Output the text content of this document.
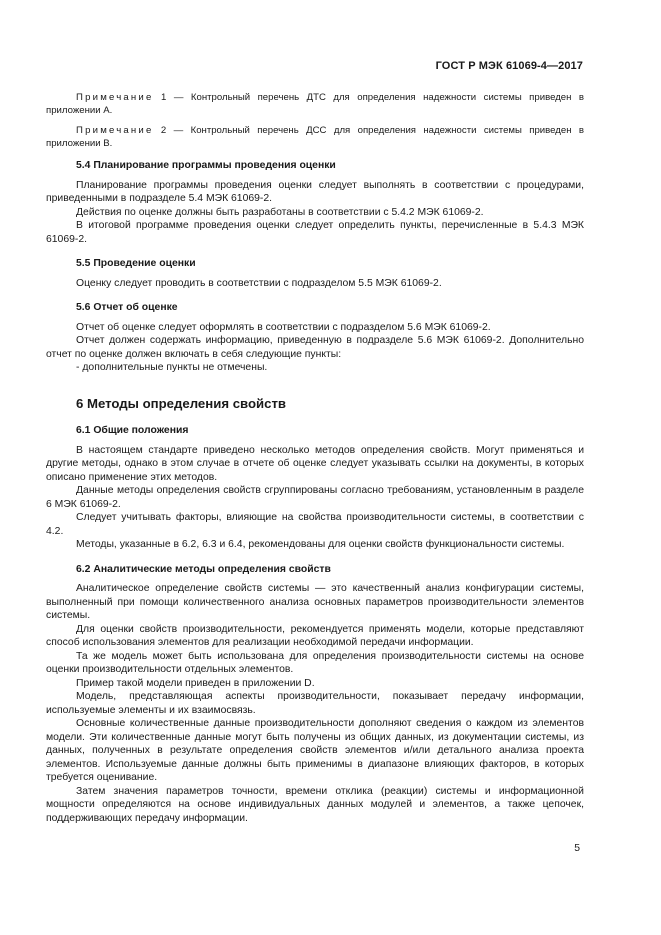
ГОСТ Р МЭК 61069-4—2017

Примечание 1 — Контрольный перечень ДТС для определения надежности системы приведен в приложении А.

Примечание 2 — Контрольный перечень ДСС для определения надежности системы приведен в приложении В.

5.4 Планирование программы проведения оценки

Планирование программы проведения оценки следует выполнять в соответствии с процедурами, приведенными в подразделе 5.4 МЭК 61069-2.

Действия по оценке должны быть разработаны в соответствии с 5.4.2 МЭК 61069-2.

В итоговой программе проведения оценки следует определить пункты, перечисленные в 5.4.3 МЭК 61069-2.

5.5 Проведение оценки

Оценку следует проводить в соответствии с подразделом 5.5 МЭК 61069-2.

5.6 Отчет об оценке

Отчет об оценке следует оформлять в соответствии с подразделом 5.6 МЭК 61069-2.

Отчет должен содержать информацию, приведенную в подразделе 5.6 МЭК 61069-2. Дополнительно отчет по оценке должен включать в себя следующие пункты:

- дополнительные пункты не отмечены.
6 Методы определения свойств
6.1 Общие положения

В настоящем стандарте приведено несколько методов определения свойств. Могут применяться и другие методы, однако в этом случае в отчете об оценке следует указывать ссылки на документы, в которых описано применение этих методов.

Данные методы определения свойств сгруппированы согласно требованиям, установленным в разделе 6 МЭК 61069-2.

Следует учитывать факторы, влияющие на свойства производительности системы, в соответствии с 4.2.

Методы, указанные в 6.2, 6.3 и 6.4, рекомендованы для оценки свойств функциональности системы.

6.2 Аналитические методы определения свойств

Аналитическое определение свойств системы — это качественный анализ конфигурации системы, выполненный при помощи количественного анализа основных параметров производительности элементов системы.

Для оценки свойств производительности, рекомендуется применять модели, которые представляют способ использования элементов для реализации необходимой передачи информации.

Та же модель может быть использована для определения производительности системы на основе оценки производительности отдельных элементов.

Пример такой модели приведен в приложении D.

Модель, представляющая аспекты производительности, показывает передачу информации, используемые элементы и их взаимосвязь.

Основные количественные данные производительности дополняют сведения о каждом из элементов модели. Эти количественные данные могут быть получены из общих данных, из документации системы, из данных, полученных в результате определения свойств элементов и/или детального анализа проекта элементов. Используемые данные должны быть применимы в диапазоне влияющих факторов, в которых требуется оценивание.

Затем значения параметров точности, времени отклика (реакции) системы и информационной мощности определяются на основе индивидуальных данных модулей и элементов, а также цепочек, поддерживающих передачу информации.

5
